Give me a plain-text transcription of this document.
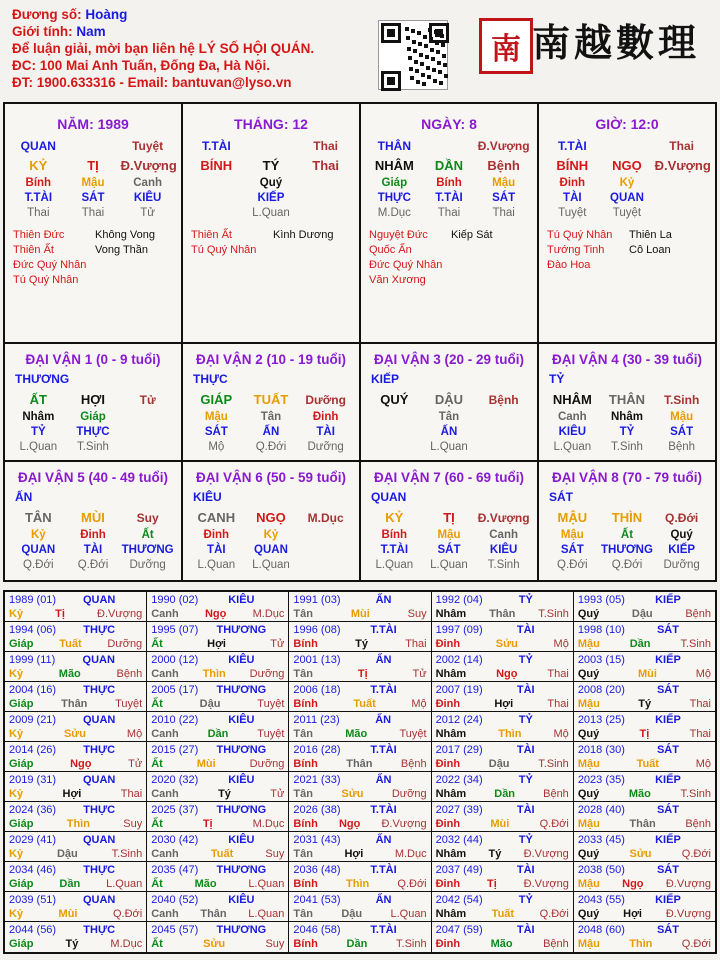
Đương số: Hoàng
Giới tính: Nam
Để luận giải, mời bạn liên hệ LÝ SỐ HỘI QUÁN.
ĐC: 100 Mai Anh Tuấn, Đống Đa, Hà Nội.
ĐT: 1900.633316 - Email: bantuvan@lyso.vn
南 南越數理
NĂM: 1989
QUAN	Tuyệt
KỶ	TỊ	Đ.Vượng
Bính	Mậu	Canh
T.TÀI	SÁT	KIÊU
Thai	Thai	Tử
Thiên Đức	Không Vong
Thiên Ất	Vong Thần
Đức Quý Nhân
Tú Quý Nhân
THÁNG: 12
T.TÀI	Thai
BÍNH	TÝ	Thai
Quý
KIẾP
L.Quan
Thiên Ất	Kình Dương
Tú Quý Nhân
NGÀY: 8
THÂN	Đ.Vượng
NHÂM	DẦN	Bệnh
Giáp	Bính	Mậu
THỰC	T.TÀI	SÁT
M.Dục	Thai	Thai
Nguyệt Đức	Kiếp Sát
Quốc Ấn
Đức Quý Nhân
Văn Xương
GIỜ: 12:0
T.TÀI	Thai
BÍNH	NGỌ Đ.Vượng
Đinh	Kỷ
TÀI	QUAN
Tuyệt	Tuyệt
Tú Quý Nhân	Thiên La
Tướng Tinh	Cô Loan
Đào Hoa
ĐẠI VẬN 1 (0 - 9 tuổi)
THƯƠNG
ẤT	HỢI	Tử
Nhâm	Giáp
TỶ	THỰC
L.Quan	T.Sinh
ĐẠI VẬN 2 (10 - 19 tuổi)
THỰC
GIÁP	TUẤT	Dưỡng
Mậu	Tân	Đinh
SÁT	ẤN	TÀI
Mộ	Q.Đới	Dưỡng
ĐẠI VẬN 3 (20 - 29 tuổi)
KIẾP
QUÝ	DẬU	Bệnh
Tân
ẤN
L.Quan
ĐẠI VẬN 4 (30 - 39 tuổi)
TỶ
NHÂM	THÂN	T.Sinh
Canh	Nhâm	Mậu
KIÊU	TỶ	SÁT
L.Quan	T.Sinh	Bệnh
ĐẠI VẬN 5 (40 - 49 tuổi)
ẤN
TÂN	MÙI	Suy
Kỷ	Đinh	Ất
QUAN	TÀI	THƯƠNG
Q.Đới	Q.Đới	Dưỡng
ĐẠI VẬN 6 (50 - 59 tuổi)
KIÊU
CANH	NGỌ	M.Dục
Đinh	Kỷ
TÀI	QUAN
L.Quan	L.Quan
ĐẠI VẬN 7 (60 - 69 tuổi)
QUAN
KỶ	TỊ	Đ.Vượng
Bính	Mậu	Canh
T.TÀI	SÁT	KIÊU
L.Quan	L.Quan	T.Sinh
ĐẠI VẬN 8 (70 - 79 tuổi)
SÁT
MẬU	THÌN	Q.Đới
Mậu	Ất	Quý
SÁT	THƯƠNG	KIẾP
Q.Đới	Q.Đới	Dưỡng
1989 (01) QUAN
Kỷ	Tị	Đ.Vượng
1990 (02)	KIÊU
Canh Ngọ M.Dục
1991 (03)	ẤN
Tân	Mùi	Suy
1992 (04)	TỶ
Nhâm Thân T.Sinh
1993 (05)	KIẾP
Quý	Dậu	Bệnh
1994 (06) THỰC
Giáp Tuất Dưỡng
1995 (07) THƯƠNG
Ất	Hợi	Tử
1996 (08)	T.TÀI
Bính	Tý	Thai
1997 (09)	TÀI
Đinh	Sửu	Mộ
1998 (10)	SÁT
Mậu	Dần	T.Sinh
1999 (11) QUAN
Kỷ	Mão	Bệnh
2000 (12)	KIÊU
Canh Thìn Dưỡng
2001 (13)	ẤN
Tân	Tị	Tử
2002 (14)	TỶ
Nhâm	Ngọ	Thai
2003 (15)	KIẾP
Quý	Mùi	Mộ
2004 (16) THỰC
Giáp	Thân	Tuyệt
2005 (17) THƯƠNG
Ất	Dậu	Tuyệt
2006 (18)	T.TÀI
Bính	Tuất	Mộ
2007 (19)	TÀI
Đinh	Hợi	Thai
2008 (20)	SÁT
Mậu	Tý	Thai
2009 (21) QUAN
Kỷ	Sửu	Mộ
2010 (22)	KIÊU
Canh	Dần	Tuyệt
2011 (23)	ẤN
Tân	Mão	Tuyệt
2012 (24)	TỶ
Nhâm	Thìn	Mộ
2013 (25)	KIẾP
Quý	Tị	Thai
2014 (26) THỰC
Giáp	Ngọ	Tử
2015 (27) THƯƠNG
Ất	Mùi	Dưỡng
2016 (28)	T.TÀI
Bính	Thân	Bệnh
2017 (29)	TÀI
Đinh	Dậu	T.Sinh
2018 (30)	SÁT
Mậu	Tuất	Mộ
2019 (31) QUAN
Kỷ	Hợi	Thai
2020 (32)	KIÊU
Canh	Tý	Tử
2021 (33)	ẤN
Tân	Sửu	Dưỡng
2022 (34)	TỶ
Nhâm	Dần	Bệnh
2023 (35)	KIẾP
Quý	Mão	T.Sinh
2024 (36) THỰC
Giáp	Thìn	Suy
2025 (37) THƯƠNG
Ất	Tị	M.Dục
2026 (38)	T.TÀI
Bính Ngọ Đ.Vượng
2027 (39)	TÀI
Đinh	Mùi	Q.Đới
2028 (40)	SÁT
Mậu	Thân	Bệnh
2029 (41) QUAN
Kỷ	Dậu	T.Sinh
2030 (42)	KIÊU
Canh	Tuất	Suy
2031 (43)	ẤN
Tân	Hợi	M.Dục
2032 (44)	TỶ
Nhâm Tý Đ.Vượng
2033 (45)	KIẾP
Quý	Sửu	Q.Đới
2034 (46) THỰC
Giáp Dần L.Quan
2035 (47) THƯƠNG
Ất	Mão	L.Quan
2036 (48)	T.TÀI
Bính	Thìn	Q.Đới
2037 (49)	TÀI
Đinh Tị Đ.Vượng
2038 (50)	SÁT
Mậu Ngọ Đ.Vượng
2039 (51) QUAN
Kỷ	Mùi	Q.Đới
2040 (52)	KIÊU
Canh Thân L.Quan
2041 (53)	ẤN
Tân	Dậu	L.Quan
2042 (54)	TỶ
Nhâm Tuất Q.Đới
2043 (55)	KIẾP
Quý Hợi Đ.Vượng
2044 (56) THỰC
Giáp	Tý	M.Dục
2045 (57) THƯƠNG
Ất	Sửu	Suy
2046 (58)	T.TÀI
Bính	Dần	T.Sinh
2047 (59)	TÀI
Đinh	Mão	Bệnh
2048 (60)	SÁT
Mậu	Thìn	Q.Đới
